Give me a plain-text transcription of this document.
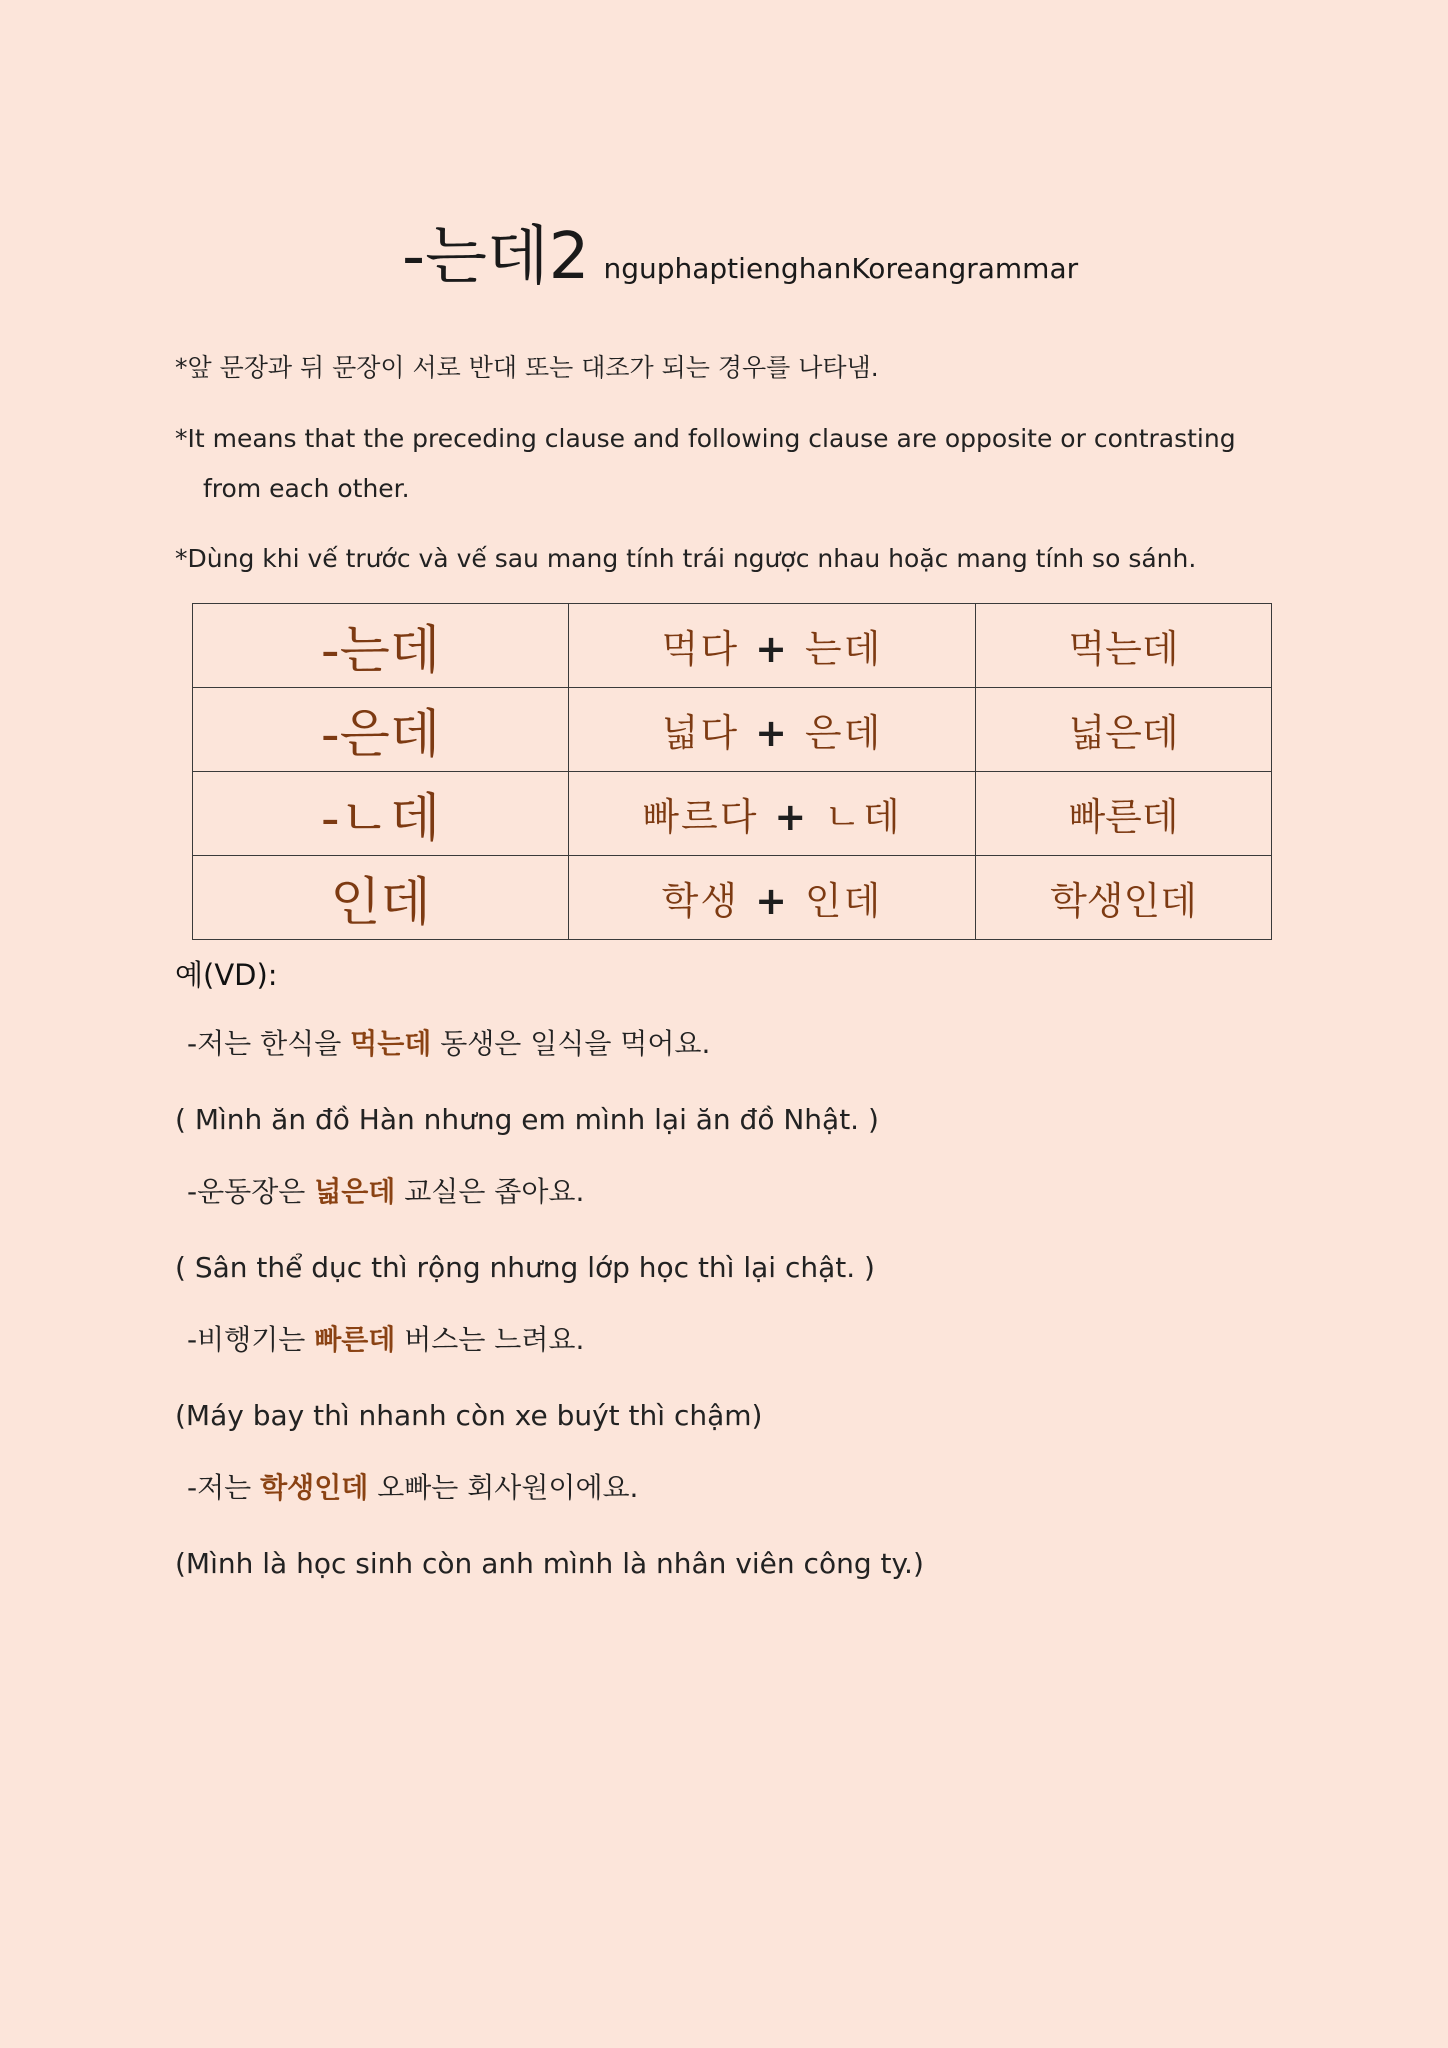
-는데2 nguphaptienghanKoreangrammar
*앞 문장과 뒤 문장이 서로 반대 또는 대조가 되는 경우를 나타냄.
*It means that the preceding clause and following clause are opposite or contrasting from each other.
*Dùng khi vế trước và vế sau mang tính trái ngược nhau hoặc mang tính so sánh.
-는데	먹다 + 는데	먹는데
-은데	넓다 + 은데	넓은데
-ㄴ데	빠르다 + ㄴ데	빠른데
인데	학생 + 인데	학생인데
예(VD):
-저는 한식을 먹는데 동생은 일식을 먹어요.
( Mình ăn đồ Hàn nhưng em mình lại ăn đồ Nhật. )
-운동장은 넓은데 교실은 좁아요.
( Sân thể dục thì rộng nhưng lớp học thì lại chật. )
-비행기는 빠른데 버스는 느려요.
(Máy bay thì nhanh còn xe buýt thì chậm)
-저는 학생인데 오빠는 회사원이에요.
(Mình là học sinh còn anh mình là nhân viên công ty.)
